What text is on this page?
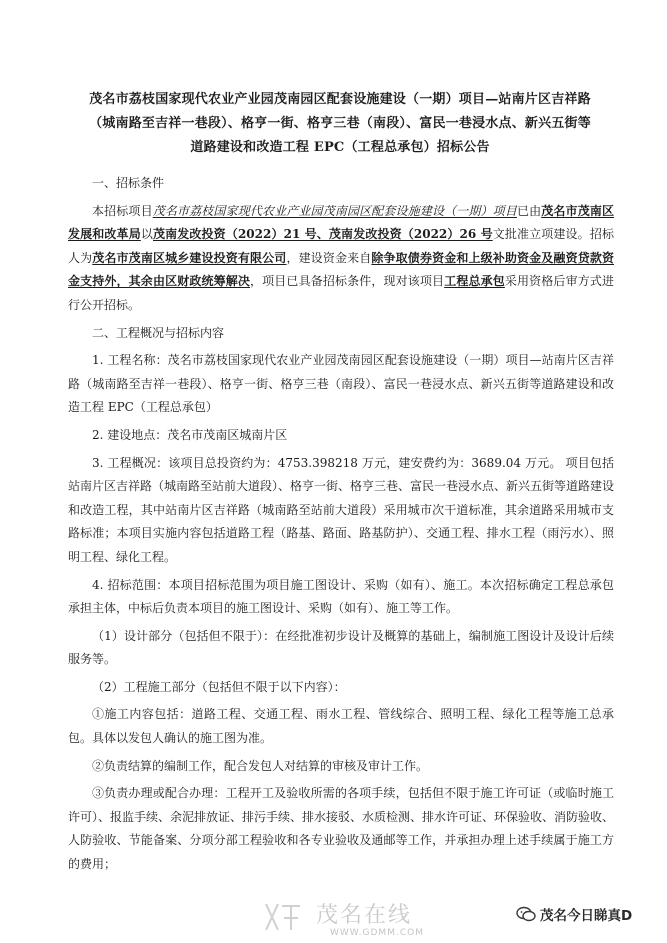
茂名市荔枝国家现代农业产业园茂南园区配套设施建设（一期）项目—站南片区吉祥路
（城南路至吉祥一巷段）、格亨一街、格亨三巷（南段）、富民一巷浸水点、新兴五街等
道路建设和改造工程 EPC（工程总承包）招标公告

一、招标条件

本招标项目茂名市荔枝国家现代农业产业园茂南园区配套设施建设（一期）项目已由茂名市茂南区发展和改革局以茂南发改投资（2022）21 号、茂南发改投资（2022）26 号文批准立项建设。招标人为茂名市茂南区城乡建设投资有限公司，建设资金来自除争取债券资金和上级补助资金及融资贷款资金支持外，其余由区财政统筹解决，项目已具备招标条件，现对该项目工程总承包采用资格后审方式进行公开招标。

二、工程概况与招标内容

1. 工程名称：茂名市荔枝国家现代农业产业园茂南园区配套设施建设（一期）项目—站南片区吉祥路（城南路至吉祥一巷段）、格亨一街、格亨三巷（南段）、富民一巷浸水点、新兴五街等道路建设和改造工程 EPC（工程总承包）

2. 建设地点：茂名市茂南区城南片区

3. 工程概况：该项目总投资约为：4753.398218 万元，建安费约为：3689.04 万元。 项目包括站南片区吉祥路（城南路至站前大道段）、格亨一街、格亨三巷、富民一巷浸水点、新兴五街等道路建设和改造工程，其中站南片区吉祥路（城南路至站前大道段）采用城市次干道标准，其余道路采用城市支路标准；本项目实施内容包括道路工程（路基、路面、路基防护）、交通工程、排水工程（雨污水）、照明工程、绿化工程。

4. 招标范围：本项目招标范围为项目施工图设计、采购（如有）、施工。本次招标确定工程总承包承担主体，中标后负责本项目的施工图设计、采购（如有）、施工等工作。

（1）设计部分（包括但不限于）：在经批准初步设计及概算的基础上，编制施工图设计及设计后续服务等。

（2）工程施工部分（包括但不限于以下内容）：

①施工内容包括：道路工程、交通工程、雨水工程、管线综合、照明工程、绿化工程等施工总承包。具体以发包人确认的施工图为准。

②负责结算的编制工作，配合发包人对结算的审核及审计工作。

③负责办理或配合办理：工程开工及验收所需的各项手续，包括但不限于施工许可证（或临时施工许可）、报监手续、余泥排放证、排污手续、排水接驳、水质检测、排水许可证、环保验收、消防验收、人防验收、节能备案、分项分部工程验收和各专业验收及通邮等工作，并承担办理上述手续属于施工方的费用；

茂名在线
WWW.GDMM.COM
茂名今日睇真D
